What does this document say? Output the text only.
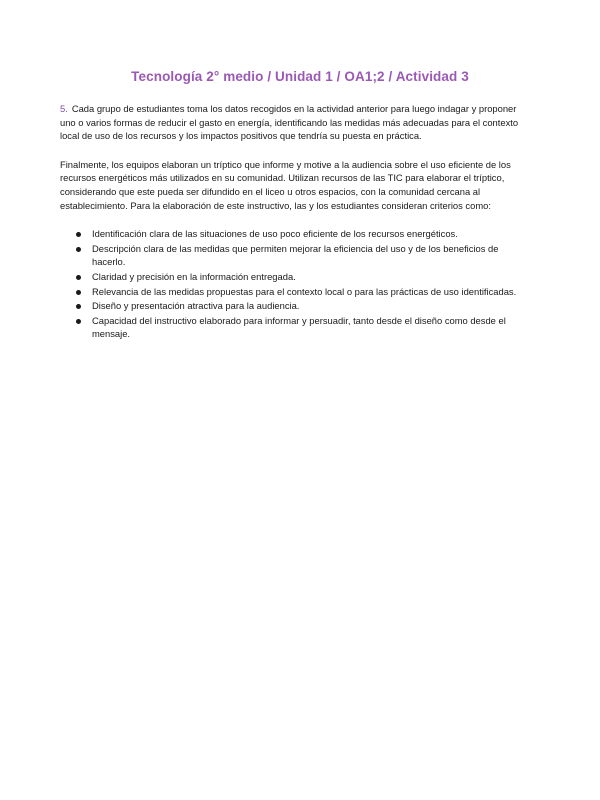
Tecnología 2° medio / Unidad 1 / OA1;2 / Actividad 3

5. Cada grupo de estudiantes toma los datos recogidos en la actividad anterior para luego indagar y proponer uno o varios formas de reducir el gasto en energía, identificando las medidas más adecuadas para el contexto local de uso de los recursos y los impactos positivos que tendría su puesta en práctica.

Finalmente, los equipos elaboran un tríptico que informe y motive a la audiencia sobre el uso eficiente de los recursos energéticos más utilizados en su comunidad. Utilizan recursos de las TIC para elaborar el tríptico, considerando que este pueda ser difundido en el liceo u otros espacios, con la comunidad cercana al establecimiento. Para la elaboración de este instructivo, las y los estudiantes consideran criterios como:

Identificación clara de las situaciones de uso poco eficiente de los recursos energéticos.
Descripción clara de las medidas que permiten mejorar la eficiencia del uso y de los beneficios de hacerlo.
Claridad y precisión en la información entregada.
Relevancia de las medidas propuestas para el contexto local o para las prácticas de uso identificadas.
Diseño y presentación atractiva para la audiencia.
Capacidad del instructivo elaborado para informar y persuadir, tanto desde el diseño como desde el mensaje.
